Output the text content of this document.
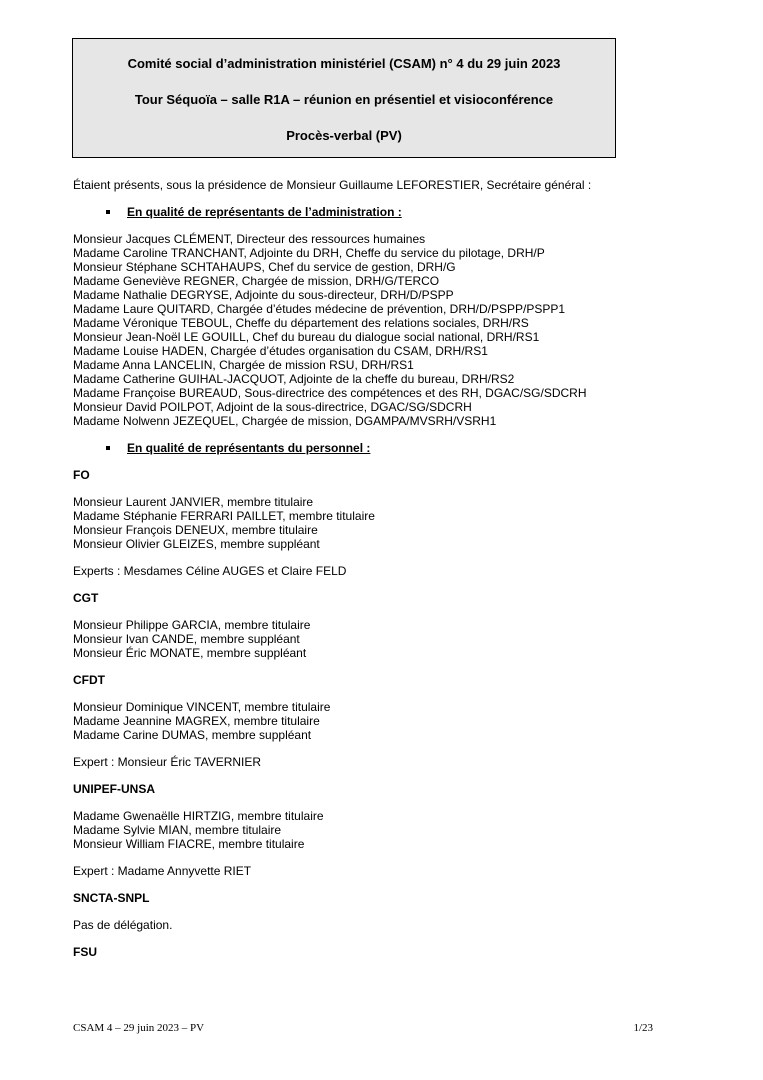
Comité social d’administration ministériel (CSAM) n° 4 du 29 juin 2023
Tour Séquoïa – salle R1A – réunion en présentiel et visioconférence
Procès-verbal (PV)
Étaient présents, sous la présidence de Monsieur Guillaume LEFORESTIER, Secrétaire général :
En qualité de représentants de l’administration :
Monsieur Jacques CLÉMENT, Directeur des ressources humaines
Madame Caroline TRANCHANT, Adjointe du DRH, Cheffe du service du pilotage, DRH/P
Monsieur Stéphane SCHTAHAUPS, Chef du service de gestion, DRH/G
Madame Geneviève REGNER, Chargée de mission, DRH/G/TERCO
Madame Nathalie DEGRYSE, Adjointe du sous-directeur, DRH/D/PSPP
Madame Laure QUITARD, Chargée d’études médecine de prévention, DRH/D/PSPP/PSPP1
Madame Véronique TEBOUL, Cheffe du département des relations sociales, DRH/RS
Monsieur Jean-Noël LE GOUILL, Chef du bureau du dialogue social national, DRH/RS1
Madame Louise HADEN, Chargée d’études organisation du CSAM, DRH/RS1
Madame Anna LANCELIN, Chargée de mission RSU, DRH/RS1
Madame Catherine GUIHAL-JACQUOT, Adjointe de la cheffe du bureau, DRH/RS2
Madame Françoise BUREAUD, Sous-directrice des compétences et des RH, DGAC/SG/SDCRH
Monsieur David POILPOT, Adjoint de la sous-directrice, DGAC/SG/SDCRH
Madame Nolwenn JEZEQUEL, Chargée de mission, DGAMPA/MVSRH/VSRH1
En qualité de représentants du personnel :
FO
Monsieur Laurent JANVIER, membre titulaire
Madame Stéphanie FERRARI PAILLET, membre titulaire
Monsieur François DENEUX, membre titulaire
Monsieur Olivier GLEIZES, membre suppléant
Experts : Mesdames Céline AUGES et Claire FELD
CGT
Monsieur Philippe GARCIA, membre titulaire
Monsieur Ivan CANDE, membre suppléant
Monsieur Éric MONATE, membre suppléant
CFDT
Monsieur Dominique VINCENT, membre titulaire
Madame Jeannine MAGREX, membre titulaire
Madame Carine DUMAS, membre suppléant
Expert : Monsieur Éric TAVERNIER
UNIPEF-UNSA
Madame Gwenaëlle HIRTZIG, membre titulaire
Madame Sylvie MIAN, membre titulaire
Monsieur William FIACRE, membre titulaire
Expert : Madame Annyvette RIET
SNCTA-SNPL
Pas de délégation.
FSU
CSAM 4 – 29 juin 2023 – PV	1/23
